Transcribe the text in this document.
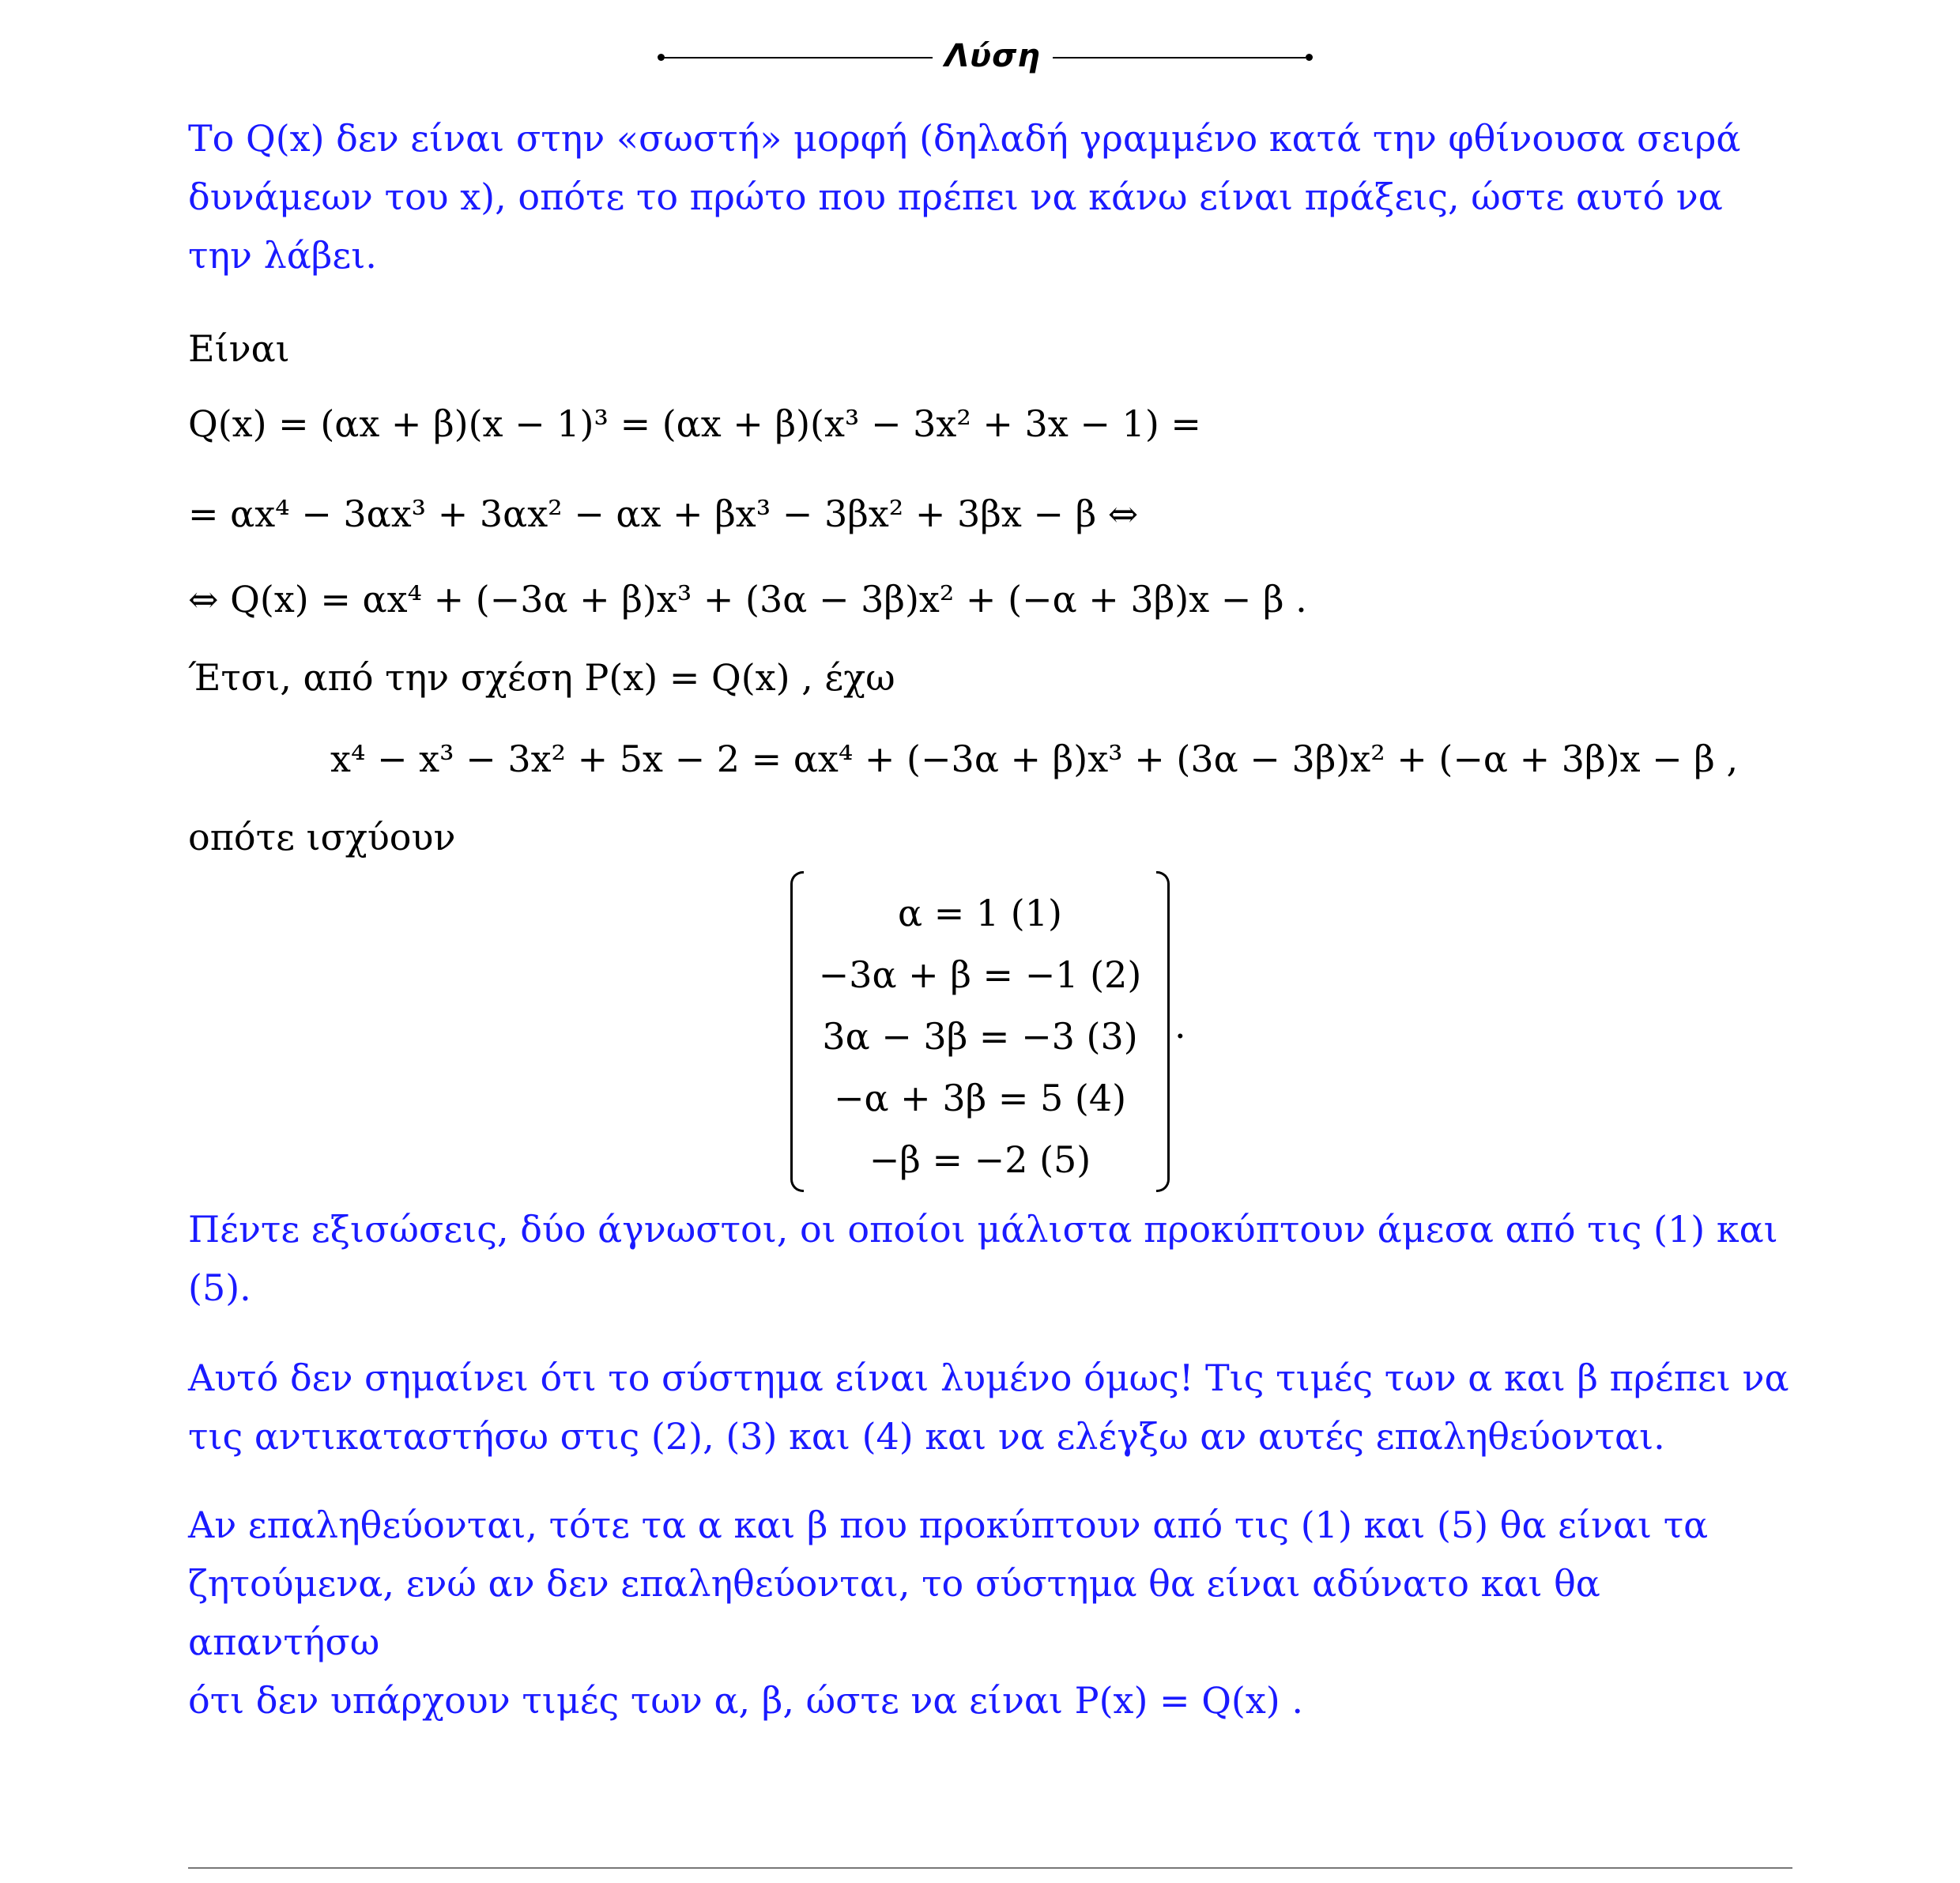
Λύση
Το Q(x) δεν είναι στην «σωστή» μορφή (δηλαδή γραμμένο κατά την φθίνουσα σειρά
δυνάμεων του x), οπότε το πρώτο που πρέπει να κάνω είναι πράξεις, ώστε αυτό να
την λάβει.
Είναι
Q(x) = (αx + β)(x − 1)³ = (αx + β)(x³ − 3x² + 3x − 1) =
= αx⁴ − 3αx³ + 3αx² − αx + βx³ − 3βx² + 3βx − β ⇔
⇔ Q(x) = αx⁴ + (−3α + β)x³ + (3α − 3β)x² + (−α + 3β)x − β .
Έτσι, από την σχέση P(x) = Q(x) , έχω
x⁴ − x³ − 3x² + 5x − 2 = αx⁴ + (−3α + β)x³ + (3α − 3β)x² + (−α + 3β)x − β ,
οπότε ισχύουν
α = 1 (1)
−3α + β = −1 (2)
3α − 3β = −3 (3)
−α + 3β = 5 (4)
−β = −2 (5)
.
Πέντε εξισώσεις, δύο άγνωστοι, οι οποίοι μάλιστα προκύπτουν άμεσα από τις (1) και
(5).
Αυτό δεν σημαίνει ότι το σύστημα είναι λυμένο όμως! Τις τιμές των α και β πρέπει να
τις αντικαταστήσω στις (2), (3) και (4) και να ελέγξω αν αυτές επαληθεύονται.
Αν επαληθεύονται, τότε τα α και β που προκύπτουν από τις (1) και (5) θα είναι τα
ζητούμενα, ενώ αν δεν επαληθεύονται, το σύστημα θα είναι αδύνατο και θα απαντήσω
ότι δεν υπάρχουν τιμές των α, β, ώστε να είναι P(x) = Q(x) .
